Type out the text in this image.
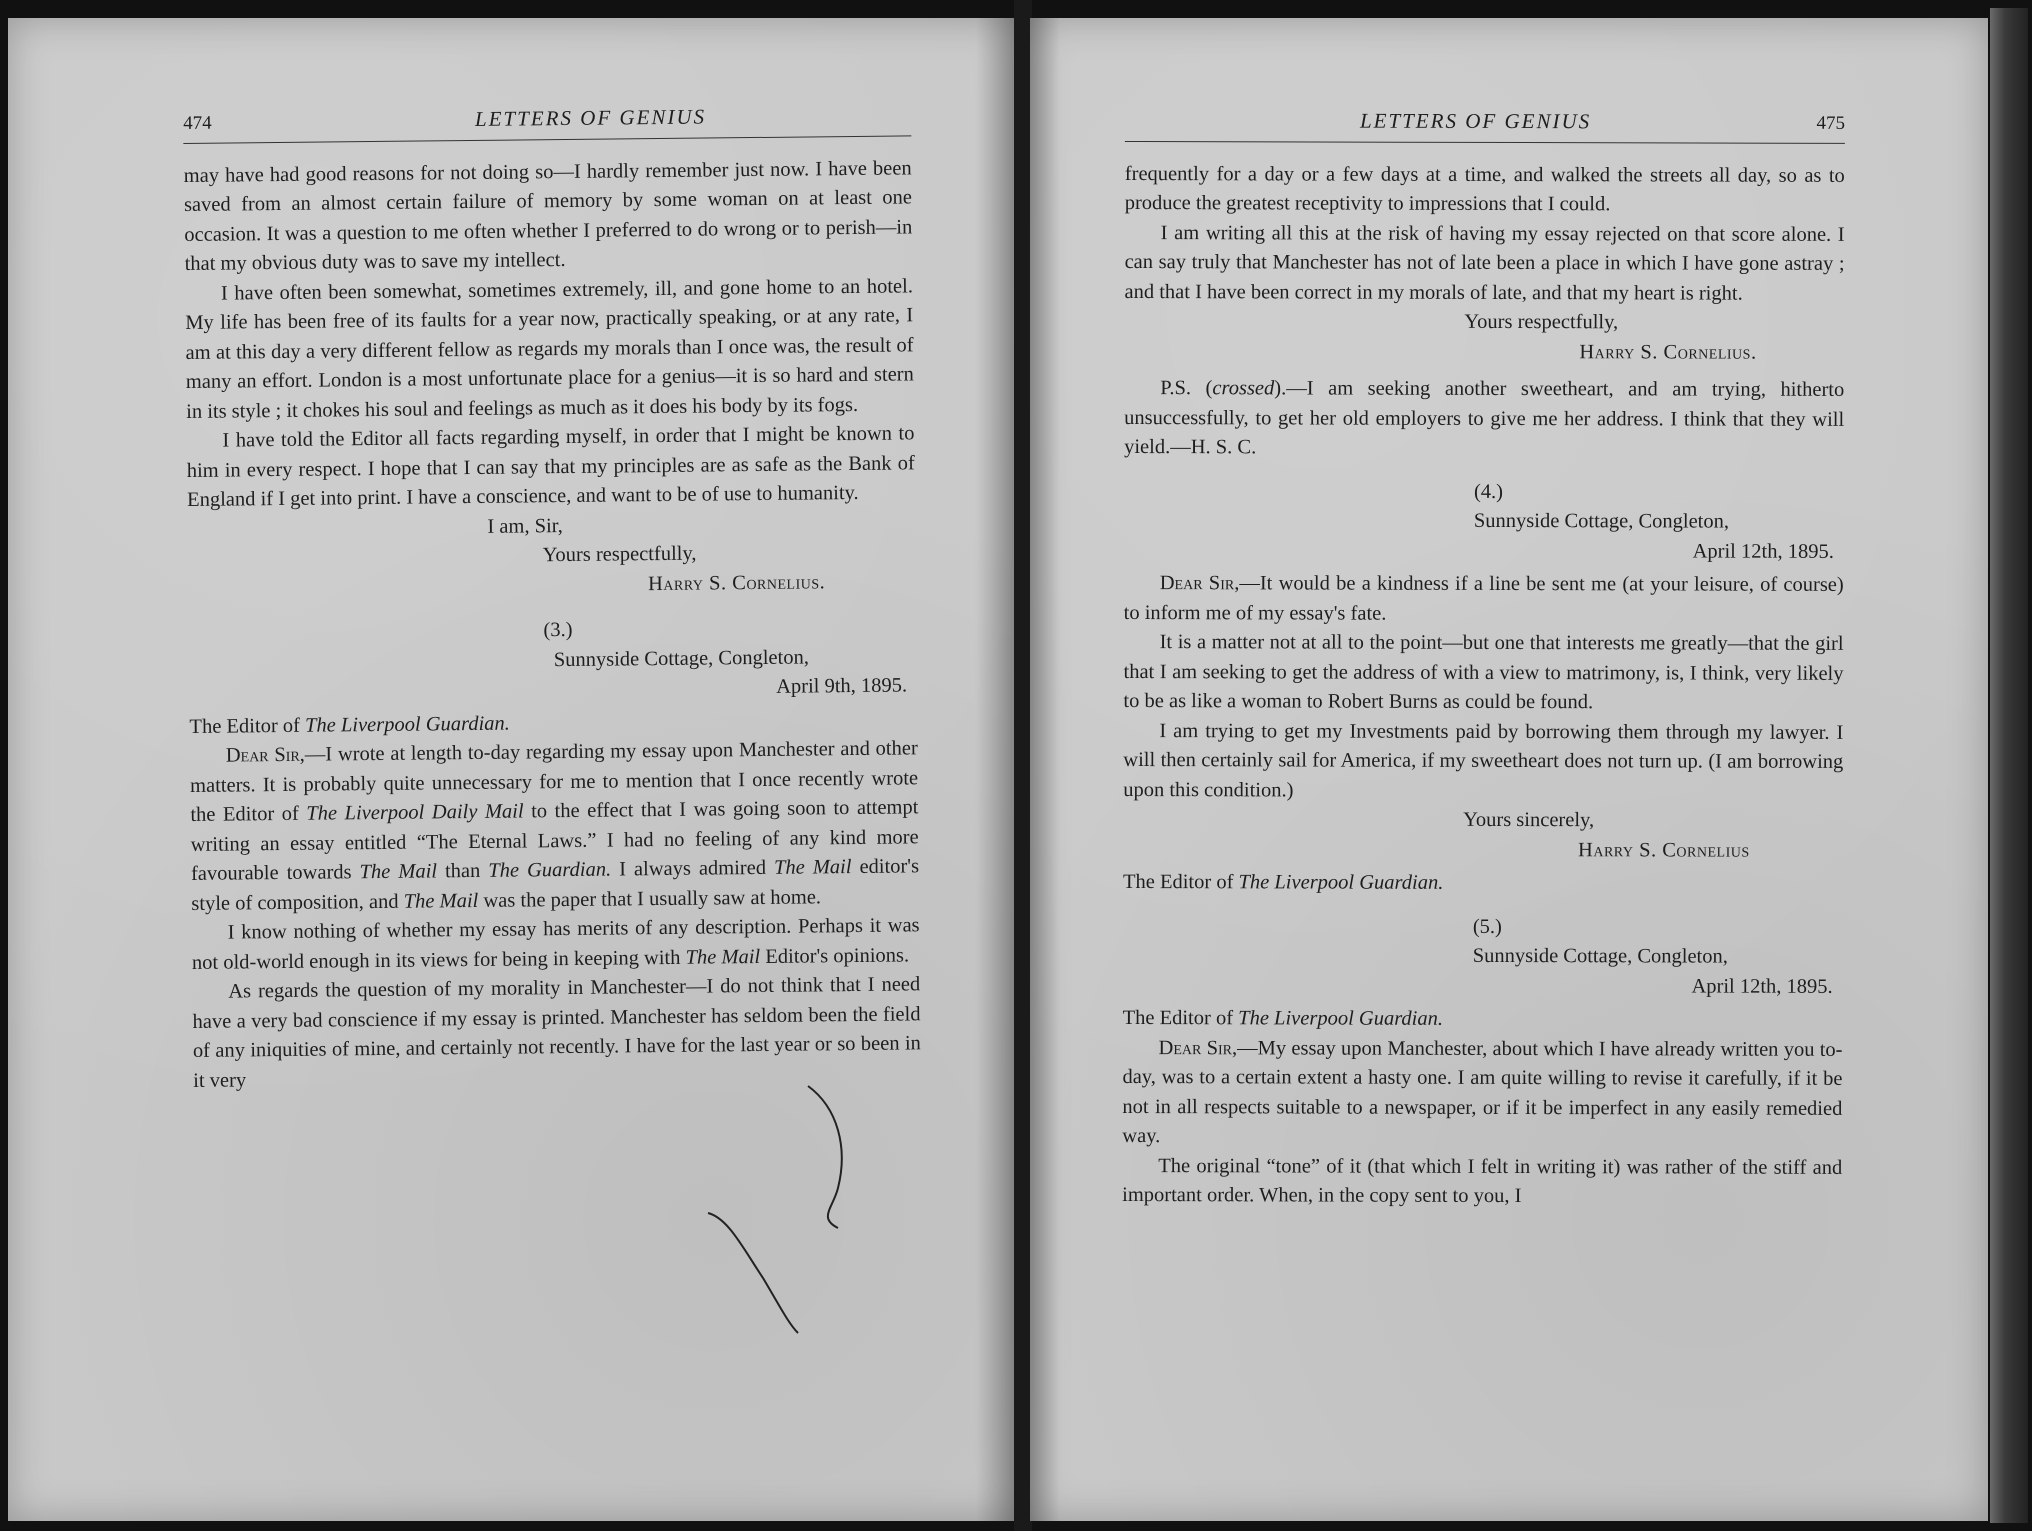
474	LETTERS OF GENIUS

may have had good reasons for not doing so—I hardly remember just now. I have been saved from an almost certain failure of memory by some woman on at least one occasion. It was a question to me often whether I preferred to do wrong or to perish—in that my obvious duty was to save my intellect.

I have often been somewhat, sometimes extremely, ill, and gone home to an hotel. My life has been free of its faults for a year now, practically speaking, or at any rate, I am at this day a very different fellow as regards my morals than I once was, the result of many an effort. London is a most unfortunate place for a genius—it is so hard and stern in its style ; it chokes his soul and feelings as much as it does his body by its fogs.

I have told the Editor all facts regarding myself, in order that I might be known to him in every respect. I hope that I can say that my principles are as safe as the Bank of England if I get into print. I have a conscience, and want to be of use to humanity.

I am, Sir,

Yours respectfully,

Harry S. Cornelius.

(3.)

Sunnyside Cottage, Congleton,

April 9th, 1895.

The Editor of The Liverpool Guardian.

Dear Sir,—I wrote at length to-day regarding my essay upon Manchester and other matters. It is probably quite unnecessary for me to mention that I once recently wrote the Editor of The Liverpool Daily Mail to the effect that I was going soon to attempt writing an essay entitled “The Eternal Laws.” I had no feeling of any kind more favourable towards The Mail than The Guardian. I always admired The Mail editor's style of composition, and The Mail was the paper that I usually saw at home.

I know nothing of whether my essay has merits of any description. Perhaps it was not old-world enough in its views for being in keeping with The Mail Editor's opinions.

As regards the question of my morality in Manchester—I do not think that I need have a very bad conscience if my essay is printed. Manchester has seldom been the field of any iniquities of mine, and certainly not recently. I have for the last year or so been in it very

LETTERS OF GENIUS	475

frequently for a day or a few days at a time, and walked the streets all day, so as to produce the greatest receptivity to impressions that I could.

I am writing all this at the risk of having my essay rejected on that score alone. I can say truly that Manchester has not of late been a place in which I have gone astray ; and that I have been correct in my morals of late, and that my heart is right.

Yours respectfully,

Harry S. Cornelius.

P.S. (crossed).—I am seeking another sweetheart, and am trying, hitherto unsuccessfully, to get her old employers to give me her address. I think that they will yield.—H. S. C.

(4.)

Sunnyside Cottage, Congleton,

April 12th, 1895.

Dear Sir,—It would be a kindness if a line be sent me (at your leisure, of course) to inform me of my essay's fate.

It is a matter not at all to the point—but one that interests me greatly—that the girl that I am seeking to get the address of with a view to matrimony, is, I think, very likely to be as like a woman to Robert Burns as could be found.

I am trying to get my Investments paid by borrowing them through my lawyer. I will then certainly sail for America, if my sweetheart does not turn up. (I am borrowing upon this condition.)

Yours sincerely,

Harry S. Cornelius

The Editor of The Liverpool Guardian.

(5.)

Sunnyside Cottage, Congleton,

April 12th, 1895.

The Editor of The Liverpool Guardian.

Dear Sir,—My essay upon Manchester, about which I have already written you to-day, was to a certain extent a hasty one. I am quite willing to revise it carefully, if it be not in all respects suitable to a newspaper, or if it be imperfect in any easily remedied way.

The original “tone” of it (that which I felt in writing it) was rather of the stiff and important order. When, in the copy sent to you, I
